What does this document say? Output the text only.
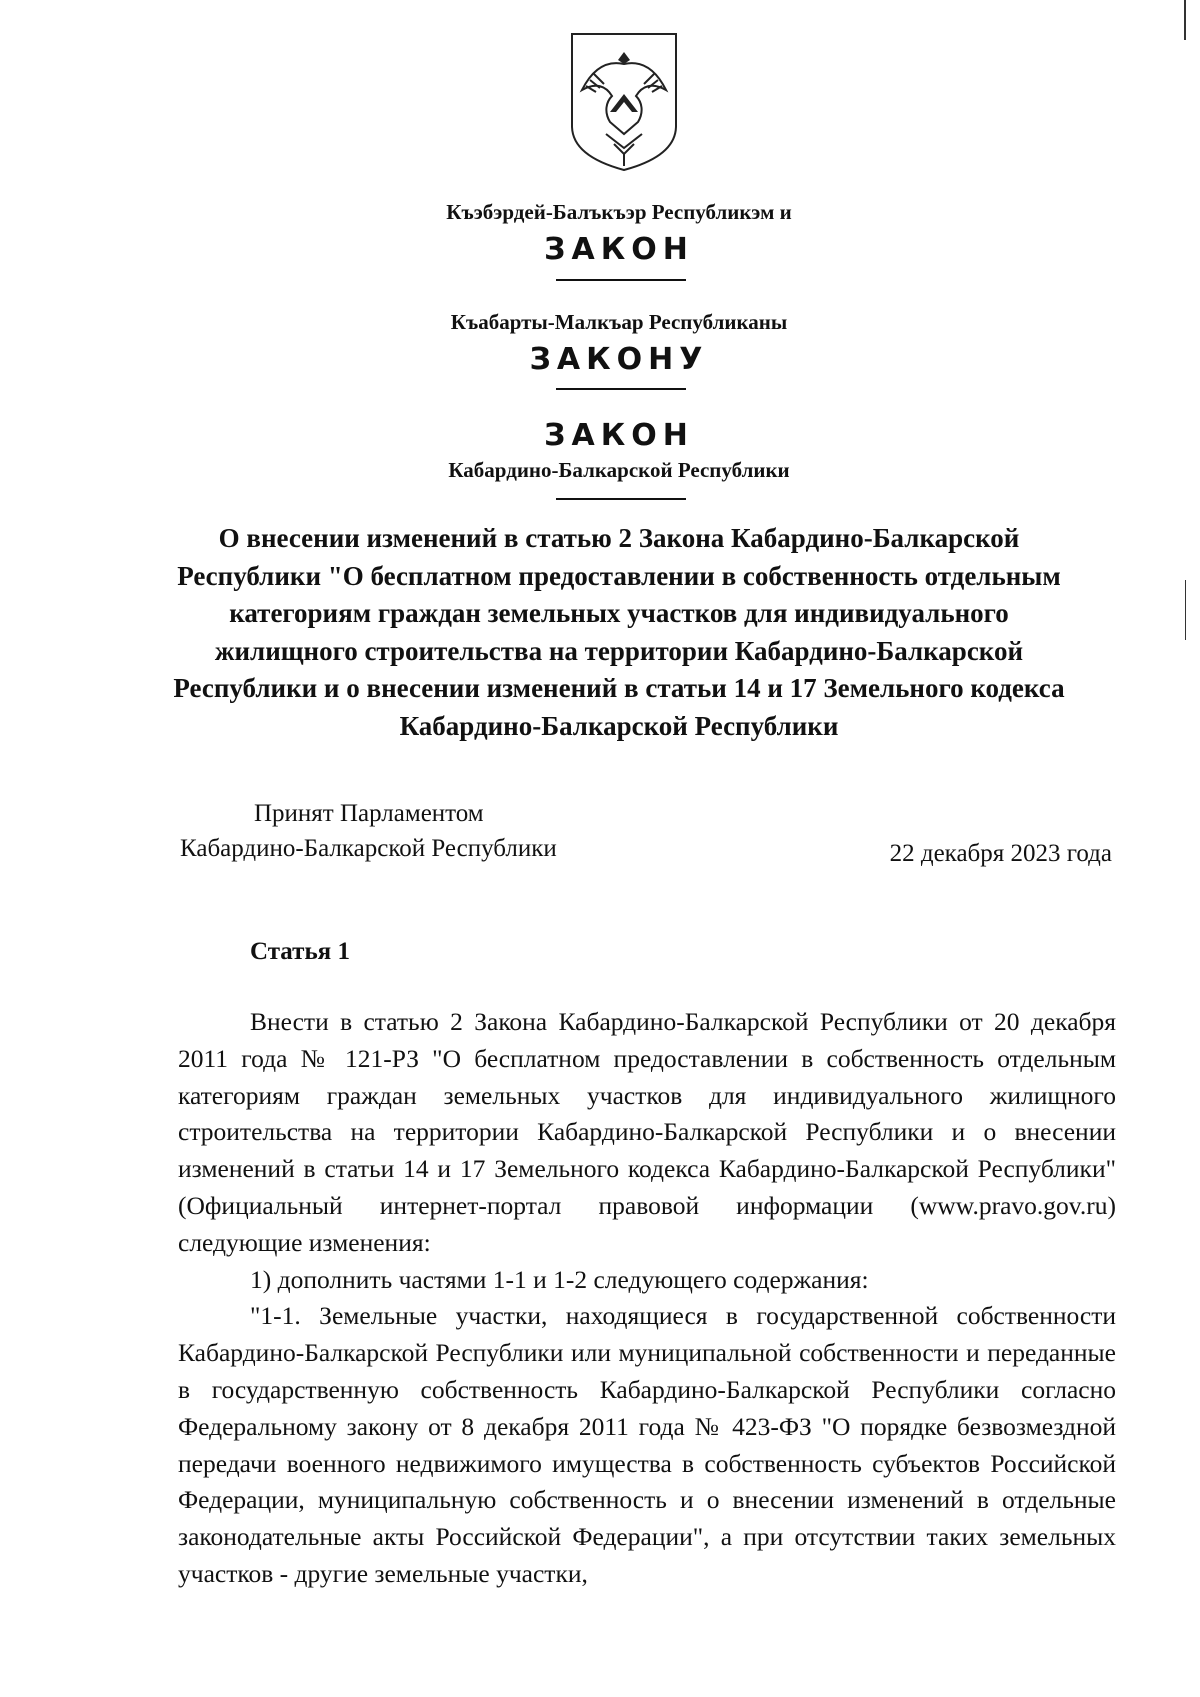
Къэбэрдей-Балъкъэр Республикэм и
ЗАКОН
Къабарты-Малкъар Республиканы
ЗАКОНУ
ЗАКОН
Кабардино-Балкарской Республики
О внесении изменений в статью 2 Закона Кабардино-Балкарской Республики "О бесплатном предоставлении в собственность отдельным категориям граждан земельных участков для индивидуального жилищного строительства на территории Кабардино-Балкарской Республики и о внесении изменений в статьи 14 и 17 Земельного кодекса Кабардино-Балкарской Республики
Принят Парламентом
Кабардино-Балкарской Республики	22 декабря 2023 года
Статья 1

Внести в статью 2 Закона Кабардино-Балкарской Республики от 20 декабря 2011 года № 121-РЗ "О бесплатном предоставлении в собственность отдельным категориям граждан земельных участков для индивидуального жилищного строительства на территории Кабардино-Балкарской Республики и о внесении изменений в статьи 14 и 17 Земельного кодекса Кабардино-Балкарской Республики" (Официальный интернет-портал правовой информации (www.pravo.gov.ru) следующие изменения:

1) дополнить частями 1-1 и 1-2 следующего содержания:

"1-1. Земельные участки, находящиеся в государственной собственности Кабардино-Балкарской Республики или муниципальной собственности и переданные в государственную собственность Кабардино-Балкарской Республики согласно Федеральному закону от 8 декабря 2011 года № 423-ФЗ "О порядке безвозмездной передачи военного недвижимого имущества в собственность субъектов Российской Федерации, муниципальную собственность и о внесении изменений в отдельные законодательные акты Российской Федерации", а при отсутствии таких земельных участков - другие земельные участки,
